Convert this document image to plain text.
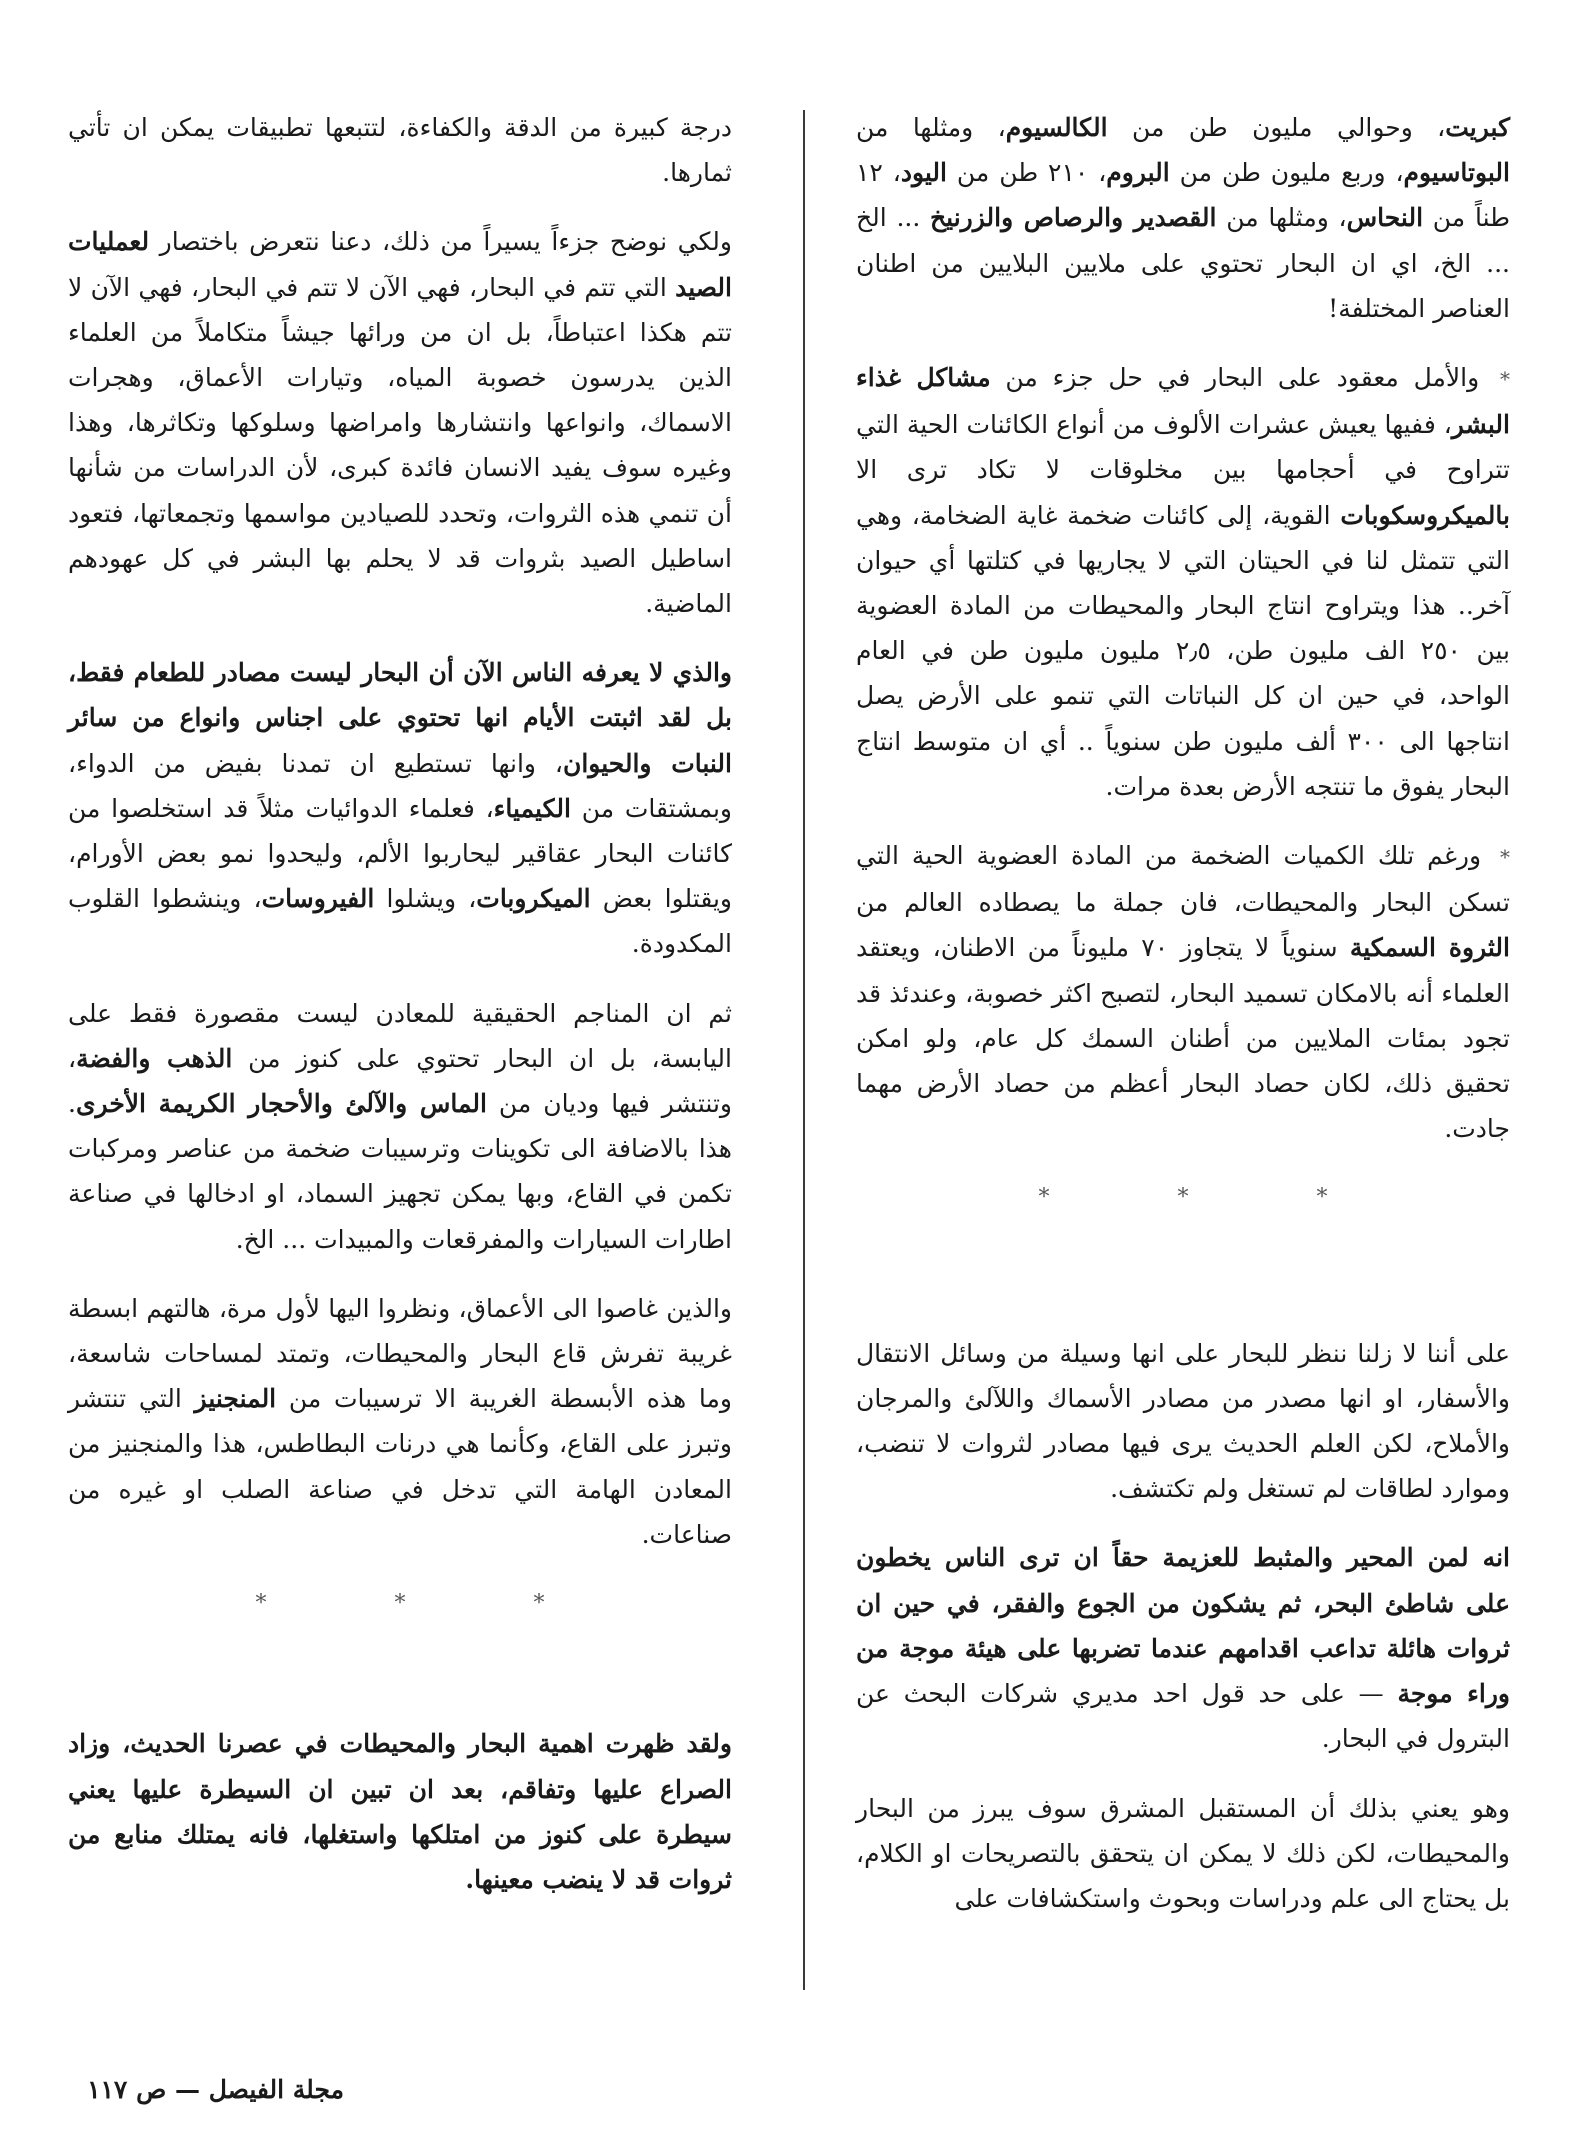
كبريت، وحوالي مليون طن من الكالسيوم، ومثلها من البوتاسيوم، وربع مليون طن من البروم، ٢١٠ طن من اليود، ١٢ طناً من النحاس، ومثلها من القصدير والرصاص والزرنيخ ... الخ ... الخ، اي ان البحار تحتوي على ملايين البلايين من اطنان العناصر المختلفة!

* والأمل معقود على البحار في حل جزء من مشاكل غذاء البشر، ففيها يعيش عشرات الألوف من أنواع الكائنات الحية التي تتراوح في أحجامها بين مخلوقات لا تكاد ترى الا بالميكروسكوبات القوية، إلى كائنات ضخمة غاية الضخامة، وهي التي تتمثل لنا في الحيتان التي لا يجاريها في كتلتها أي حيوان آخر.. هذا ويتراوح انتاج البحار والمحيطات من المادة العضوية بين ٢٥٠ الف مليون طن، ٢٫٥ مليون مليون طن في العام الواحد، في حين ان كل النباتات التي تنمو على الأرض يصل انتاجها الى ٣٠٠ ألف مليون طن سنوياً .. أي ان متوسط انتاج البحار يفوق ما تنتجه الأرض بعدة مرات.

* ورغم تلك الكميات الضخمة من المادة العضوية الحية التي تسكن البحار والمحيطات، فان جملة ما يصطاده العالم من الثروة السمكية سنوياً لا يتجاوز ٧٠ مليوناً من الاطنان، ويعتقد العلماء أنه بالامكان تسميد البحار، لتصبح اكثر خصوبة، وعندئذ قد تجود بمئات الملايين من أطنان السمك كل عام، ولو امكن تحقيق ذلك، لكان حصاد البحار أعظم من حصاد الأرض مهما جادت.

*	*	*

على أننا لا زلنا ننظر للبحار على انها وسيلة من وسائل الانتقال والأسفار، او انها مصدر من مصادر الأسماك واللآلئ والمرجان والأملاح، لكن العلم الحديث يرى فيها مصادر لثروات لا تنضب، وموارد لطاقات لم تستغل ولم تكتشف.

انه لمن المحير والمثبط للعزيمة حقاً ان ترى الناس يخطون على شاطئ البحر، ثم يشكون من الجوع والفقر، في حين ان ثروات هائلة تداعب اقدامهم عندما تضربها على هيئة موجة من وراء موجة — على حد قول احد مديري شركات البحث عن البترول في البحار.

وهو يعني بذلك أن المستقبل المشرق سوف يبرز من البحار والمحيطات، لكن ذلك لا يمكن ان يتحقق بالتصريحات او الكلام، بل يحتاج الى علم ودراسات وبحوث واستكشافات على

درجة كبيرة من الدقة والكفاءة، لتتبعها تطبيقات يمكن ان تأتي ثمارها.

ولكي نوضح جزءاً يسيراً من ذلك، دعنا نتعرض باختصار لعمليات الصيد التي تتم في البحار، فهي الآن لا تتم في البحار، فهي الآن لا تتم هكذا اعتباطاً، بل ان من ورائها جيشاً متكاملاً من العلماء الذين يدرسون خصوبة المياه، وتيارات الأعماق، وهجرات الاسماك، وانواعها وانتشارها وامراضها وسلوكها وتكاثرها، وهذا وغيره سوف يفيد الانسان فائدة كبرى، لأن الدراسات من شأنها أن تنمي هذه الثروات، وتحدد للصيادين مواسمها وتجمعاتها، فتعود اساطيل الصيد بثروات قد لا يحلم بها البشر في كل عهودهم الماضية.

والذي لا يعرفه الناس الآن أن البحار ليست مصادر للطعام فقط، بل لقد اثبتت الأيام انها تحتوي على اجناس وانواع من سائر النبات والحيوان، وانها تستطيع ان تمدنا بفيض من الدواء، وبمشتقات من الكيمياء، فعلماء الدوائيات مثلاً قد استخلصوا من كائنات البحار عقاقير ليحاربوا الألم، وليحدوا نمو بعض الأورام، ويقتلوا بعض الميكروبات، ويشلوا الفيروسات، وينشطوا القلوب المكدودة.

ثم ان المناجم الحقيقية للمعادن ليست مقصورة فقط على اليابسة، بل ان البحار تحتوي على كنوز من الذهب والفضة، وتنتشر فيها وديان من الماس والآلئ والأحجار الكريمة الأخرى. هذا بالاضافة الى تكوينات وترسيبات ضخمة من عناصر ومركبات تكمن في القاع، وبها يمكن تجهيز السماد، او ادخالها في صناعة اطارات السيارات والمفرقعات والمبيدات ... الخ.

والذين غاصوا الى الأعماق، ونظروا اليها لأول مرة، هالتهم ابسطة غريبة تفرش قاع البحار والمحيطات، وتمتد لمساحات شاسعة، وما هذه الأبسطة الغريبة الا ترسيبات من المنجنيز التي تنتشر وتبرز على القاع، وكأنما هي درنات البطاطس، هذا والمنجنيز من المعادن الهامة التي تدخل في صناعة الصلب او غيره من صناعات.

*	*	*

ولقد ظهرت اهمية البحار والمحيطات في عصرنا الحديث، وزاد الصراع عليها وتفاقم، بعد ان تبين ان السيطرة عليها يعني سيطرة على كنوز من امتلكها واستغلها، فانه يمتلك منابع من ثروات قد لا ينضب معينها.

مجلة الفيصل — ص ١١٧
